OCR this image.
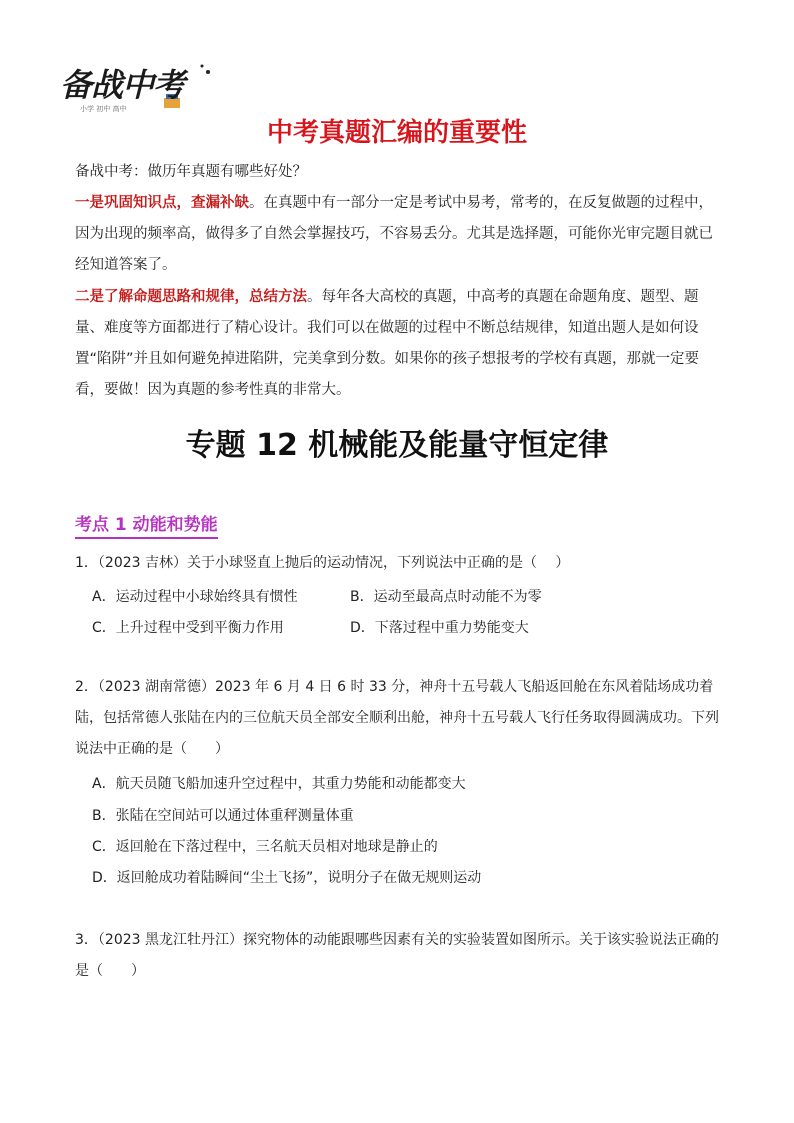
备战中考
小学 初中 高中
中考真题汇编的重要性
备战中考：做历年真题有哪些好处？
一是巩固知识点，查漏补缺。在真题中有一部分一定是考试中易考，常考的，在反复做题的过程中，因为出现的频率高，做得多了自然会掌握技巧，不容易丢分。尤其是选择题，可能你光审完题目就已经知道答案了。
二是了解命题思路和规律，总结方法。每年各大高校的真题，中高考的真题在命题角度、题型、题量、难度等方面都进行了精心设计。我们可以在做题的过程中不断总结规律，知道出题人是如何设置“陷阱”并且如何避免掉进陷阱，完美拿到分数。如果你的孩子想报考的学校有真题，那就一定要看，要做！因为真题的参考性真的非常大。
专题 12 机械能及能量守恒定律
考点 1 动能和势能
1．（2023 吉林）关于小球竖直上抛后的运动情况，下列说法中正确的是（　 ）
A．运动过程中小球始终具有惯性	B．运动至最高点时动能不为零
C．上升过程中受到平衡力作用	D．下落过程中重力势能变大
2．（2023 湖南常德）2023 年 6 月 4 日 6 时 33 分，神舟十五号载人飞船返回舱在东风着陆场成功着陆，包括常德人张陆在内的三位航天员全部安全顺利出舱，神舟十五号载人飞行任务取得圆满成功。下列说法中正确的是（　　）
A．航天员随飞船加速升空过程中，其重力势能和动能都变大
B．张陆在空间站可以通过体重秤测量体重
C．返回舱在下落过程中，三名航天员相对地球是静止的
D．返回舱成功着陆瞬间“尘土飞扬”，说明分子在做无规则运动
3．（2023 黑龙江牡丹江）探究物体的动能跟哪些因素有关的实验装置如图所示。关于该实验说法正确的是（　　）
